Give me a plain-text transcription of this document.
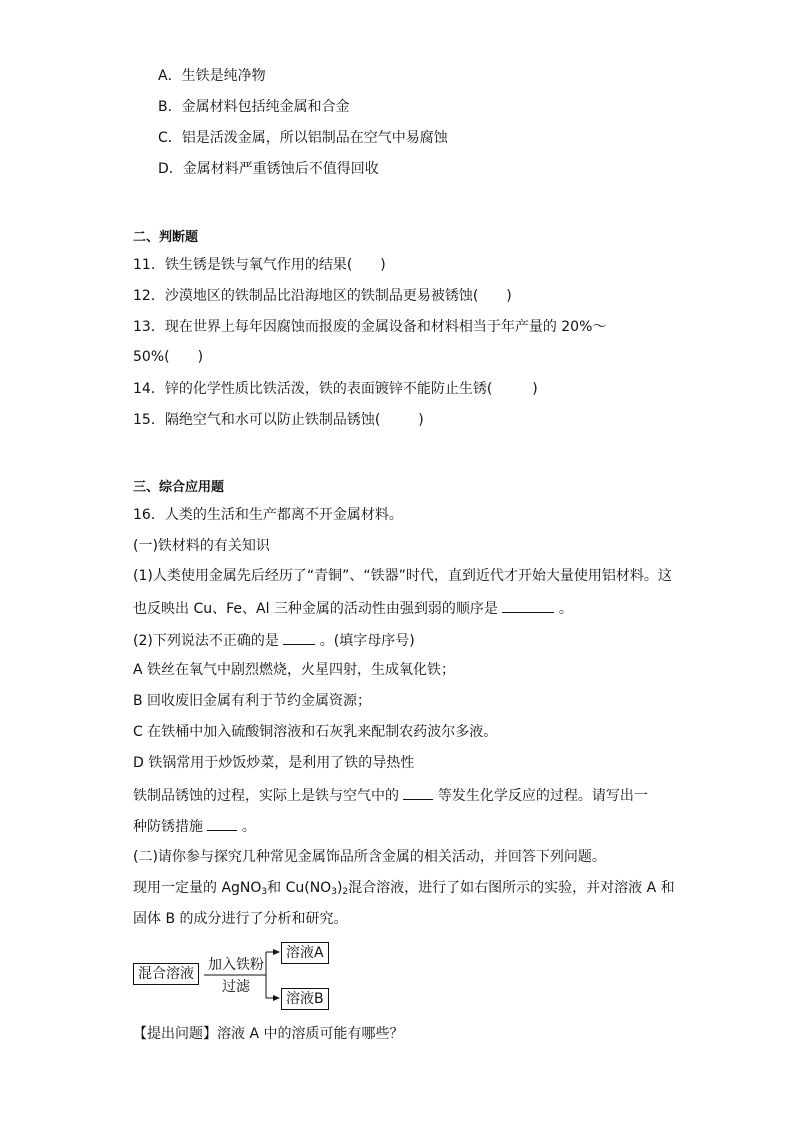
A．生铁是纯净物
B．金属材料包括纯金属和合金
C．铝是活泼金属，所以铝制品在空气中易腐蚀
D．金属材料严重锈蚀后不值得回收
二、判断题
11．铁生锈是铁与氧气作用的结果( )
12．沙漠地区的铁制品比沿海地区的铁制品更易被锈蚀( )
13．现在世界上每年因腐蚀而报废的金属设备和材料相当于年产量的 20%～
50%( )
14．锌的化学性质比铁活泼，铁的表面镀锌不能防止生锈(	)
15．隔绝空气和水可以防止铁制品锈蚀(	)
三、综合应用题
16．人类的生活和生产都离不开金属材料。
(一)铁材料的有关知识
(1)人类使用金属先后经历了“青铜”、“铁器”时代，直到近代才开始大量使用铝材料。这
也反映出 Cu、Fe、Al 三种金属的活动性由强到弱的顺序是	。
(2)下列说法不正确的是	。(填字母序号)
A 铁丝在氧气中剧烈燃烧，火星四射，生成氧化铁；
B 回收废旧金属有利于节约金属资源；
C 在铁桶中加入硫酸铜溶液和石灰乳来配制农药波尔多液。
D 铁锅常用于炒饭炒菜，是利用了铁的导热性
铁制品锈蚀的过程，实际上是铁与空气中的	等发生化学反应的过程。请写出一
种防锈措施	。
(二)请你参与探究几种常见金属饰品所含金属的相关活动，并回答下列问题。
现用一定量的 AgNO$_3$和 $Cu(NO_3)_2$混合溶液，进行了如右图所示的实验，并对溶液 A 和
固体 B 的成分进行了分析和研究。
混合溶液
加入铁粉
过滤
溶液A
溶液B
【提出问题】溶液 A 中的溶质可能有哪些？
